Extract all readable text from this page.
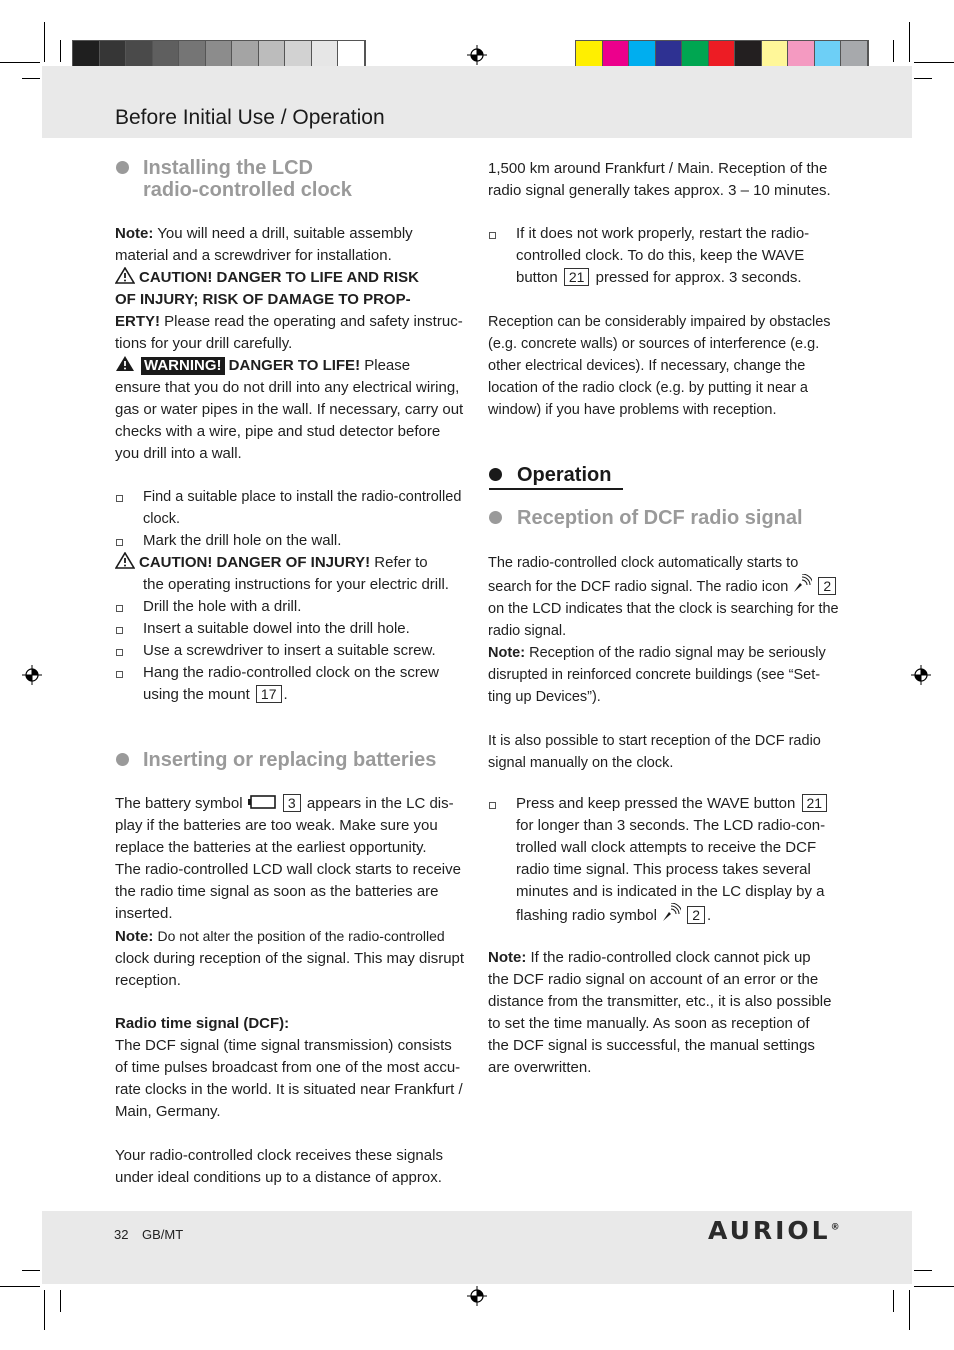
Before Initial Use / Operation
Installing the LCD
radio-controlled clock
Note: You will need a drill, suitable assembly
material and a screwdriver for installation.
CAUTION! DANGER TO LIFE AND RISK
OF INJURY; RISK OF DAMAGE TO PROP-
ERTY! Please read the operating and safety instruc-
tions for your drill carefully.
WARNING! DANGER TO LIFE! Please
ensure that you do not drill into any electrical wiring,
gas or water pipes in the wall. If necessary, carry out
checks with a wire, pipe and stud detector before
you drill into a wall.
Find a suitable place to install the radio-controlled
clock.
Mark the drill hole on the wall.
CAUTION! DANGER OF INJURY! Refer to
the operating instructions for your electric drill.
Drill the hole with a drill.
Insert a suitable dowel into the drill hole.
Use a screwdriver to insert a suitable screw.
Hang the radio-controlled clock on the screw
using the mount 17 .
Inserting or replacing batteries
The battery symbol	3 appears in the LC dis-
play if the batteries are too weak. Make sure you
replace the batteries at the earliest opportunity.
The radio-controlled LCD wall clock starts to receive
the radio time signal as soon as the batteries are
inserted.
Note: Do not alter the position of the radio-controlled
clock during reception of the signal. This may disrupt
reception.
Radio time signal (DCF):
The DCF signal (time signal transmission) consists
of time pulses broadcast from one of the most accu-
rate clocks in the world. It is situated near Frankfurt /
Main, Germany.
Your radio-controlled clock receives these signals
under ideal conditions up to a distance of approx.
1,500 km around Frankfurt / Main. Reception of the
radio signal generally takes approx. 3 – 10 minutes.
If it does not work properly, restart the radio-
controlled clock. To do this, keep the WAVE
button 21 pressed for approx. 3 seconds.
Reception can be considerably impaired by obstacles
(e.g. concrete walls) or sources of interference (e.g.
other electrical devices). If necessary, change the
location of the radio clock (e.g. by putting it near a
window) if you have problems with reception.
Operation
Reception of DCF radio signal
The radio-controlled clock automatically starts to
search for the DCF radio signal. The radio icon	2
on the LCD indicates that the clock is searching for the
radio signal.
Note: Reception of the radio signal may be seriously
disrupted in reinforced concrete buildings (see “Set-
ting up Devices”).
It is also possible to start reception of the DCF radio
signal manually on the clock.
Press and keep pressed the WAVE button 21
for longer than 3 seconds. The LCD radio-con-
trolled wall clock attempts to receive the DCF
radio time signal. This process takes several
minutes and is indicated in the LC display by a
flashing radio symbol	2 .
Note: If the radio-controlled clock cannot pick up
the DCF radio signal on account of an error or the
distance from the transmitter, etc., it is also possible
to set the time manually. As soon as reception of
the DCF signal is successful, the manual settings
are overwritten.
32 GB/MT	AURIOL®
